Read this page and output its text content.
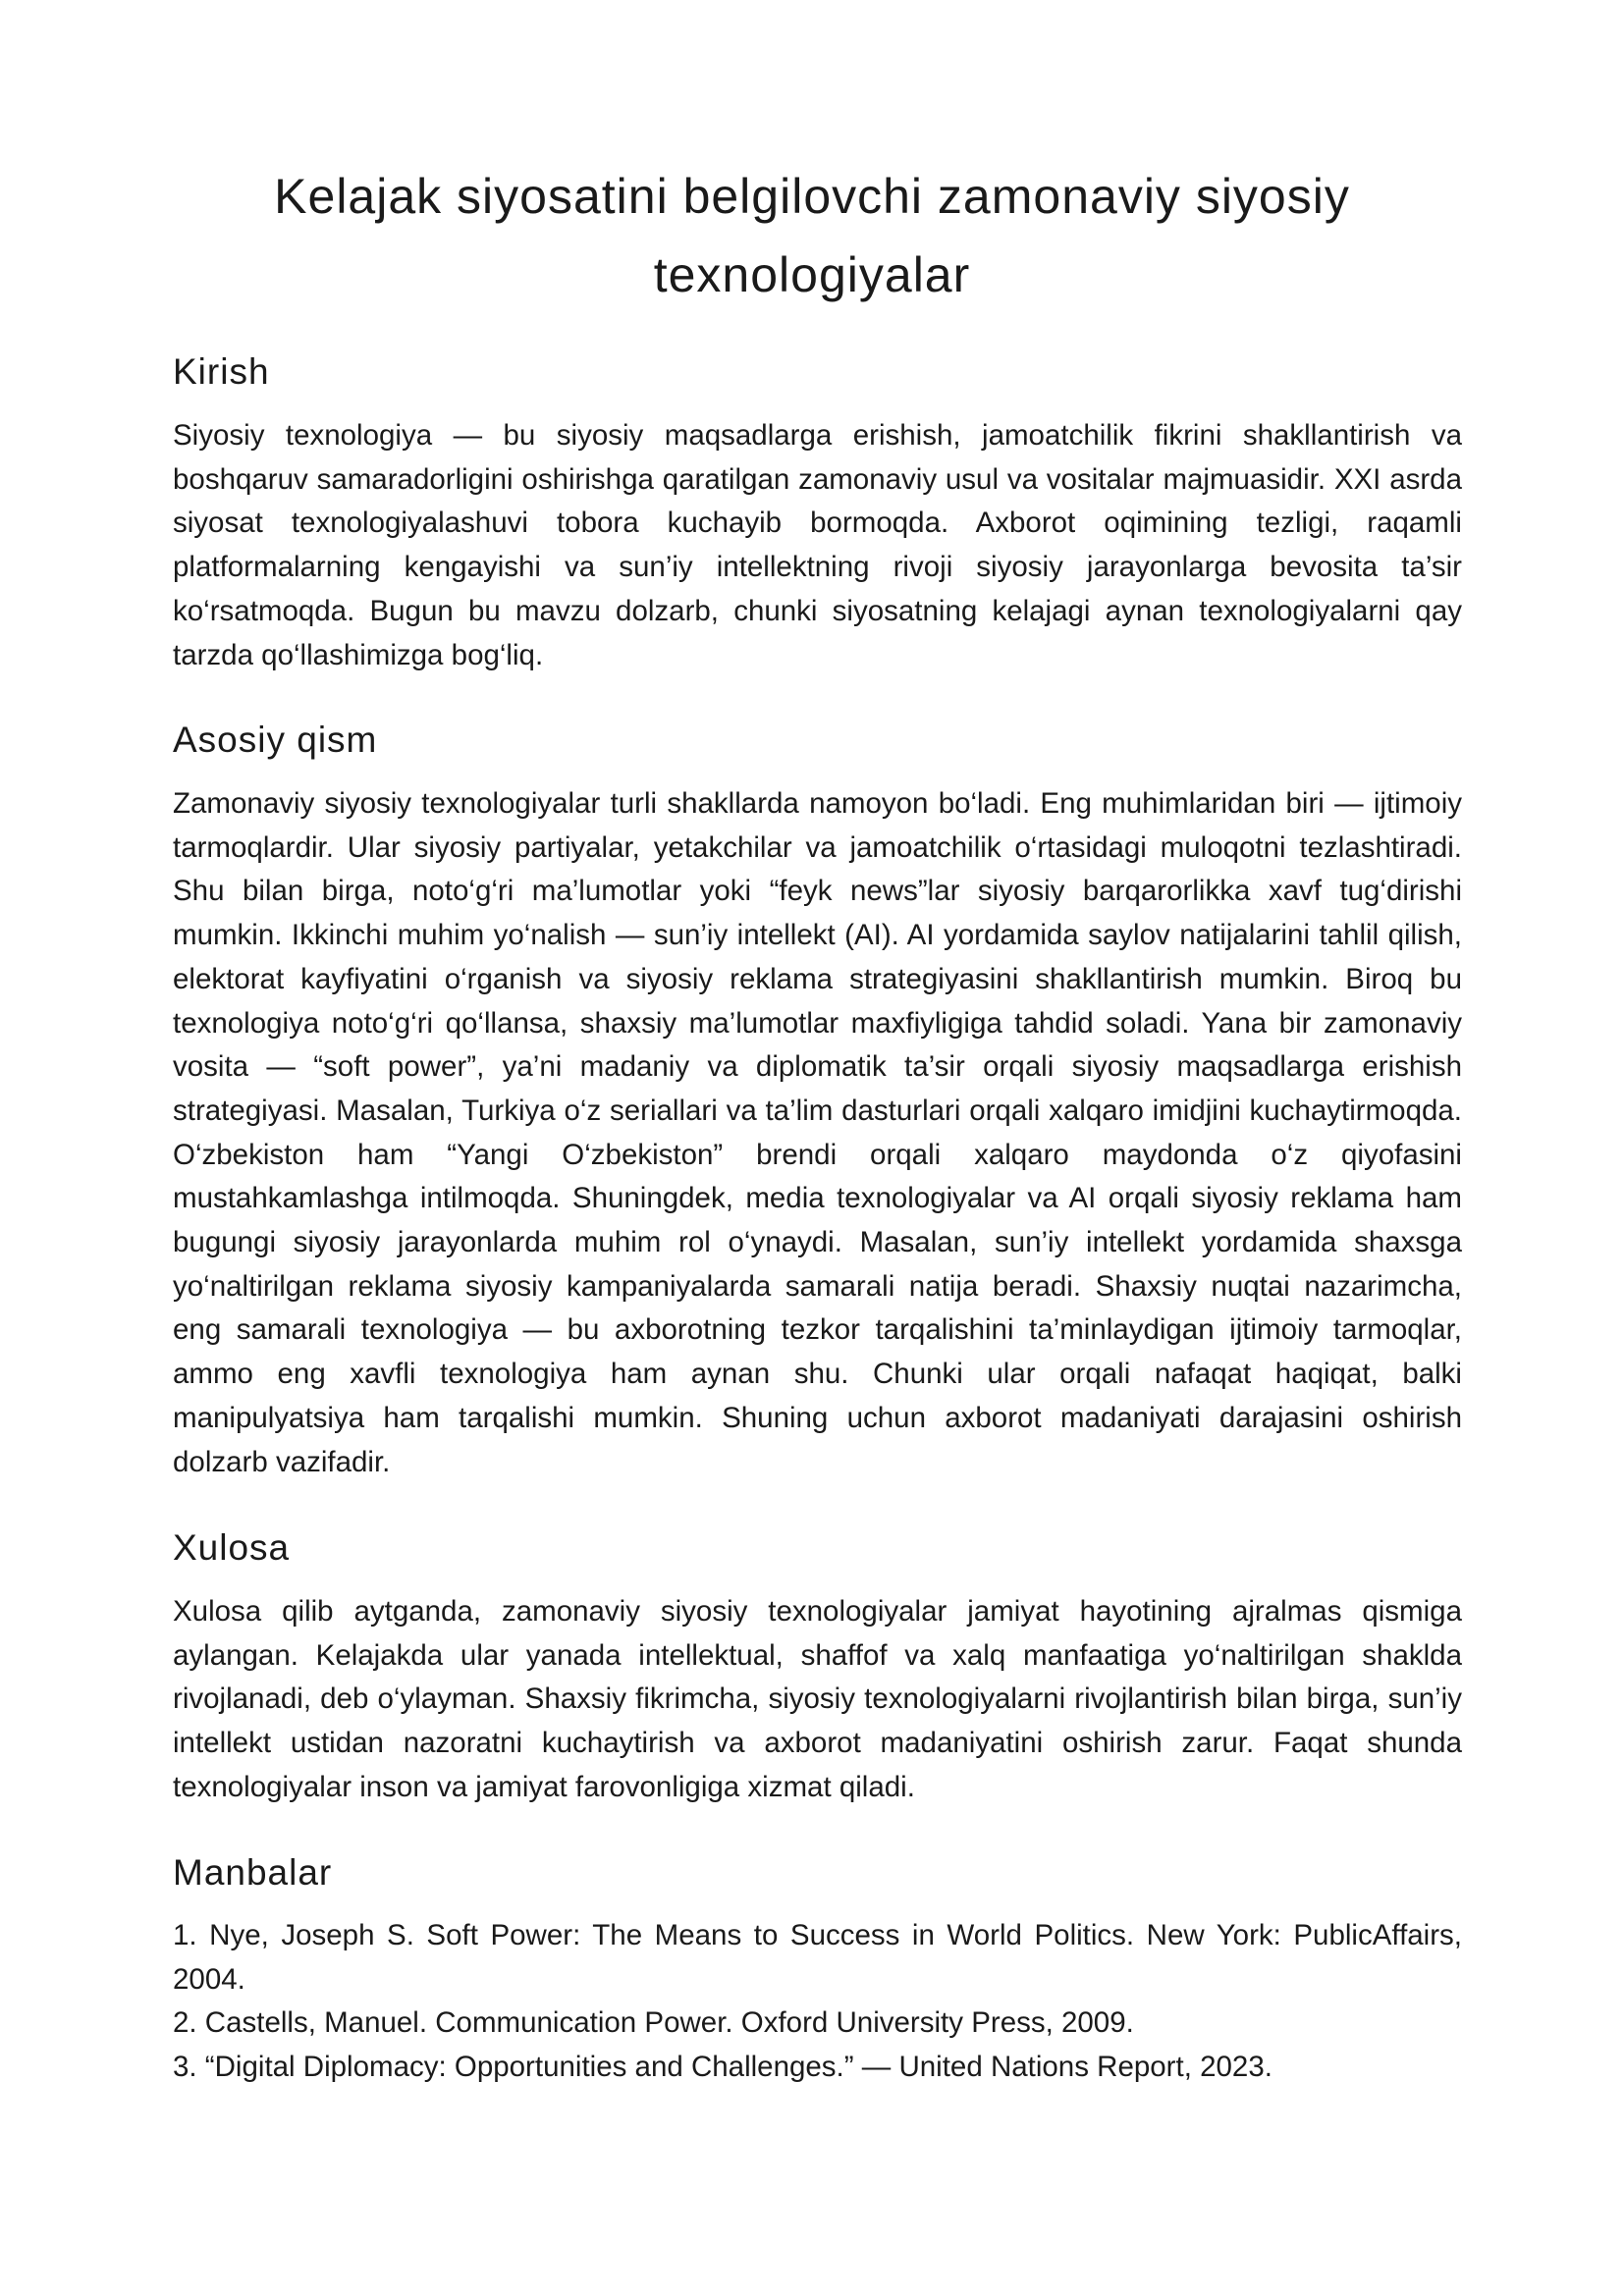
Kelajak siyosatini belgilovchi zamonaviy siyosiy texnologiyalar
Kirish

Siyosiy texnologiya — bu siyosiy maqsadlarga erishish, jamoatchilik fikrini shakllantirish va boshqaruv samaradorligini oshirishga qaratilgan zamonaviy usul va vositalar majmuasidir. XXI asrda siyosat texnologiyalashuvi tobora kuchayib bormoqda. Axborot oqimining tezligi, raqamli platformalarning kengayishi va sun’iy intellektning rivoji siyosiy jarayonlarga bevosita ta’sir ko‘rsatmoqda. Bugun bu mavzu dolzarb, chunki siyosatning kelajagi aynan texnologiyalarni qay tarzda qo‘llashimizga bog‘liq.

Asosiy qism

Zamonaviy siyosiy texnologiyalar turli shakllarda namoyon bo‘ladi. Eng muhimlaridan biri — ijtimoiy tarmoqlardir. Ular siyosiy partiyalar, yetakchilar va jamoatchilik o‘rtasidagi muloqotni tezlashtiradi. Shu bilan birga, noto‘g‘ri ma’lumotlar yoki “feyk news”lar siyosiy barqarorlikka xavf tug‘dirishi mumkin. Ikkinchi muhim yo‘nalish — sun’iy intellekt (AI). AI yordamida saylov natijalarini tahlil qilish, elektorat kayfiyatini o‘rganish va siyosiy reklama strategiyasini shakllantirish mumkin. Biroq bu texnologiya noto‘g‘ri qo‘llansa, shaxsiy ma’lumotlar maxfiyligiga tahdid soladi. Yana bir zamonaviy vosita — “soft power”, ya’ni madaniy va diplomatik ta’sir orqali siyosiy maqsadlarga erishish strategiyasi. Masalan, Turkiya o‘z seriallari va ta’lim dasturlari orqali xalqaro imidjini kuchaytirmoqda. O‘zbekiston ham “Yangi O‘zbekiston” brendi orqali xalqaro maydonda o‘z qiyofasini mustahkamlashga intilmoqda. Shuningdek, media texnologiyalar va AI orqali siyosiy reklama ham bugungi siyosiy jarayonlarda muhim rol o‘ynaydi. Masalan, sun’iy intellekt yordamida shaxsga yo‘naltirilgan reklama siyosiy kampaniyalarda samarali natija beradi. Shaxsiy nuqtai nazarimcha, eng samarali texnologiya — bu axborotning tezkor tarqalishini ta’minlaydigan ijtimoiy tarmoqlar, ammo eng xavfli texnologiya ham aynan shu. Chunki ular orqali nafaqat haqiqat, balki manipulyatsiya ham tarqalishi mumkin. Shuning uchun axborot madaniyati darajasini oshirish dolzarb vazifadir.

Xulosa

Xulosa qilib aytganda, zamonaviy siyosiy texnologiyalar jamiyat hayotining ajralmas qismiga aylangan. Kelajakda ular yanada intellektual, shaffof va xalq manfaatiga yo‘naltirilgan shaklda rivojlanadi, deb o‘ylayman. Shaxsiy fikrimcha, siyosiy texnologiyalarni rivojlantirish bilan birga, sun’iy intellekt ustidan nazoratni kuchaytirish va axborot madaniyatini oshirish zarur. Faqat shunda texnologiyalar inson va jamiyat farovonligiga xizmat qiladi.

Manbalar
1. Nye, Joseph S. Soft Power: The Means to Success in World Politics. New York: PublicAffairs, 2004.
2. Castells, Manuel. Communication Power. Oxford University Press, 2009.
3. “Digital Diplomacy: Opportunities and Challenges.” — United Nations Report, 2023.
